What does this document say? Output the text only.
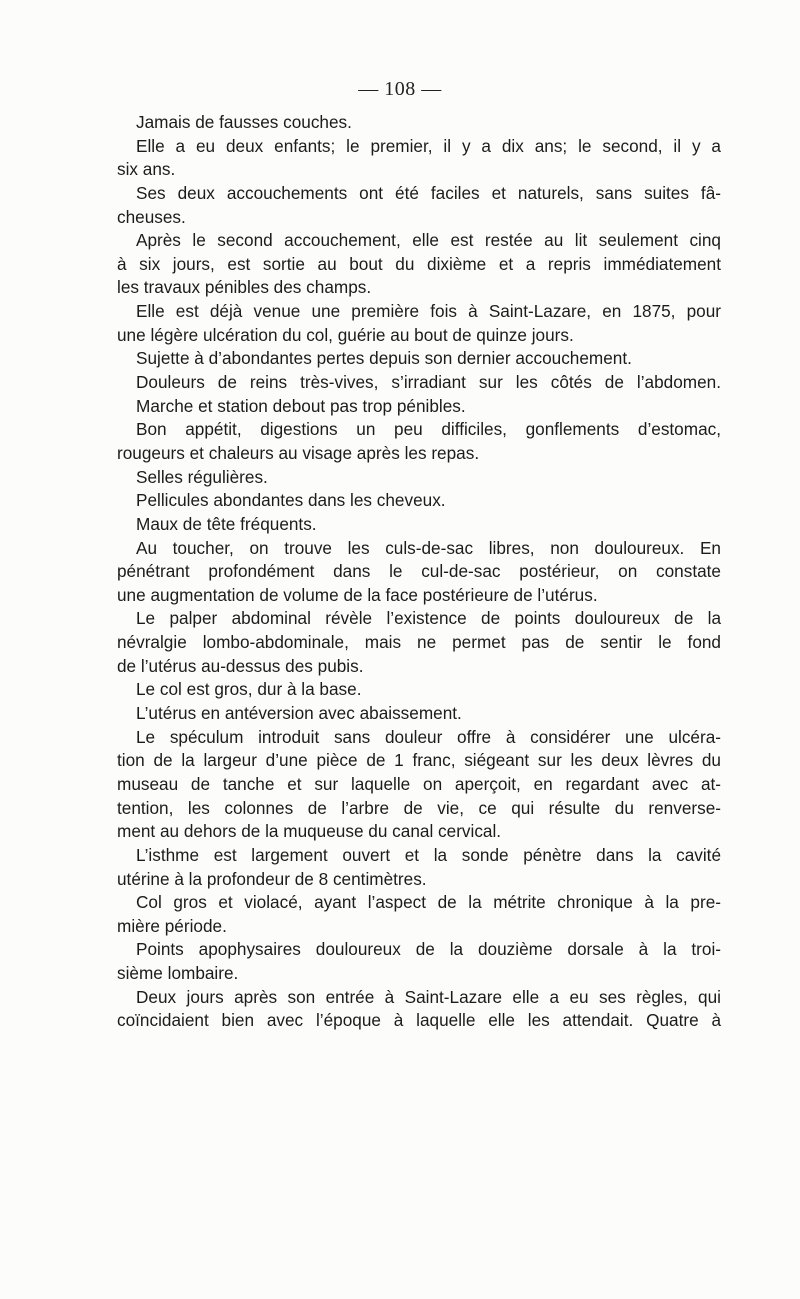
— 108 —
Jamais de fausses couches.
Elle a eu deux enfants; le premier, il y a dix ans; le second, il y a
six ans.
Ses deux accouchements ont été faciles et naturels, sans suites fâ-
cheuses.
Après le second accouchement, elle est restée au lit seulement cinq
à six jours, est sortie au bout du dixième et a repris immédiatement
les travaux pénibles des champs.
Elle est déjà venue une première fois à Saint-Lazare, en 1875, pour
une légère ulcération du col, guérie au bout de quinze jours.
Sujette à d’abondantes pertes depuis son dernier accouchement.
Douleurs de reins très-vives, s’irradiant sur les côtés de l’abdomen.
Marche et station debout pas trop pénibles.
Bon appétit, digestions un peu difficiles, gonflements d’estomac,
rougeurs et chaleurs au visage après les repas.
Selles régulières.
Pellicules abondantes dans les cheveux.
Maux de tête fréquents.
Au toucher, on trouve les culs-de-sac libres, non douloureux. En
pénétrant profondément dans le cul-de-sac postérieur, on constate
une augmentation de volume de la face postérieure de l’utérus.
Le palper abdominal révèle l’existence de points douloureux de la
névralgie lombo-abdominale, mais ne permet pas de sentir le fond
de l’utérus au-dessus des pubis.
Le col est gros, dur à la base.
L’utérus en antéversion avec abaissement.
Le spéculum introduit sans douleur offre à considérer une ulcéra-
tion de la largeur d’une pièce de 1 franc, siégeant sur les deux lèvres du
museau de tanche et sur laquelle on aperçoit, en regardant avec at-
tention, les colonnes de l’arbre de vie, ce qui résulte du renverse-
ment au dehors de la muqueuse du canal cervical.
L’isthme est largement ouvert et la sonde pénètre dans la cavité
utérine à la profondeur de 8 centimètres.
Col gros et violacé, ayant l’aspect de la métrite chronique à la pre-
mière période.
Points apophysaires douloureux de la douzième dorsale à la troi-
sième lombaire.
Deux jours après son entrée à Saint-Lazare elle a eu ses règles, qui
coïncidaient bien avec l’époque à laquelle elle les attendait. Quatre à
